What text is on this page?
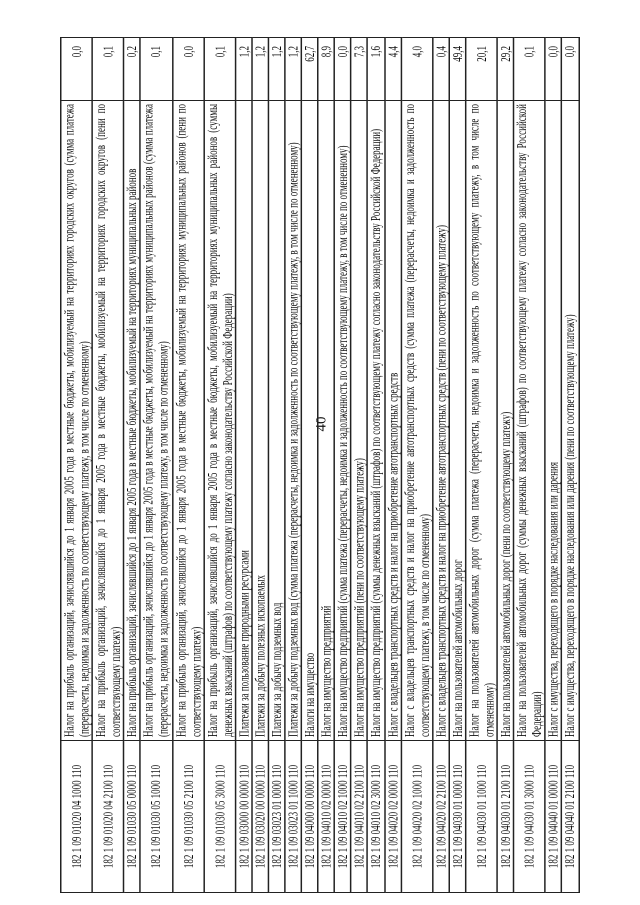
40
182 1 09 01020 04 1000 110	Налог на прибыль организаций, зачислявшийся до 1 января 2005 года в местные бюджеты, мобилизуемый на территориях городских округов (сумма платежа (перерасчеты, недоимка и задолженность по соответствующему платежу, в том числе по отмененному)	0,0
182 1 09 01020 04 2100 110	Налог на прибыль организаций, зачислявшийся до 1 января 2005 года в местные бюджеты, мобилизуемый на территориях городских округов (пени по соответствующему платежу)	0,1
182 1 09 01030 05 0000 110	Налог на прибыль организаций, зачислявшийся до 1 января 2005 года в местные бюджеты, мобилизуемый на территориях муниципальных районов	0,2
182 1 09 01030 05 1000 110	Налог на прибыль организаций, зачислявшийся до 1 января 2005 года в местные бюджеты, мобилизуемый на территориях муниципальных районов (сумма платежа (перерасчеты, недоимка и задолженность по соответствующему платежу, в том числе по отмененному)	0,1
182 1 09 01030 05 2100 110	Налог на прибыль организаций, зачислявшийся до 1 января 2005 года в местные бюджеты, мобилизуемый на территориях муниципальных районов (пени по соответствующему платежу)	0,0
182 1 09 01030 05 3000 110	Налог на прибыль организаций, зачислявшийся до 1 января 2005 года в местные бюджеты, мобилизуемый на территориях муниципальных районов (суммы денежных взысканий (штрафов) по соответствующему платежу согласно законодательству Российской Федерации)	0,1
182 1 09 03000 00 0000 110	Платежи за пользование природными ресурсами	1,2
182 1 09 03020 00 0000 110	Платежи за добычу полезных ископаемых	1,2
182 1 09 03023 01 0000 110	Платежи за добычу подземных вод	1,2
182 1 09 03023 01 1000 110	Платежи за добычу подземных вод (сумма платежа (перерасчеты, недоимка и задолженность по соответствующему платежу, в том числе по отмененному)	1,2
182 1 09 04000 00 0000 110	Налоги на имущество	62,7
182 1 09 04010 02 0000 110	Налог на имущество предприятий	8,9
182 1 09 04010 02 1000 110	Налог на имущество предприятий (сумма платежа (перерасчеты, недоимка и задолженность по соответствующему платежу, в том числе по отмененному)	0,0
182 1 09 04010 02 2100 110	Налог на имущество предприятий (пени по соответствующему платежу)	7,3
182 1 09 04010 02 3000 110	Налог на имущество предприятий (суммы денежных взысканий (штрафов) по соответствующему платежу согласно законодательству Российской Федерации)	1,6
182 1 09 04020 02 0000 110	Налог с владельцев транспортных средств и налог на приобретение автотранспортных средств	4,4
182 1 09 04020 02 1000 110	Налог с владельцев транспортных средств и налог на приобретение автотранспортных средств (сумма платежа (перерасчеты, недоимка и задолженность по соответствующему платежу, в том числе по отмененному)	4,0
182 1 09 04020 02 2100 110	Налог с владельцев транспортных средств и налог на приобретение автотранспортных средств (пени по соответствующему платежу)	0,4
182 1 09 04030 01 0000 110	Налог на пользователей автомобильных дорог	49,4
182 1 09 04030 01 1000 110	Налог на пользователей автомобильных дорог (сумма платежа (перерасчеты, недоимка и задолженность по соответствующему платежу, в том числе по отмененному)	20,1
182 1 09 04030 01 2100 110	Налог на пользователей автомобильных дорог (пени по соответствующему платежу)	29,2
182 1 09 04030 01 3000 110	Налог на пользователей автомобильных дорог (суммы денежных взысканий (штрафов) по соответствующему платежу согласно законодательству Российской Федерации)	0,1
182 1 09 04040 01 0000 110	Налог с имущества, переходящего в порядке наследования или дарения	0,0
182 1 09 04040 01 2100 110	Налог с имущества, переходящего в порядке наследования или дарения (пени по соответствующему платежу)	0,0
